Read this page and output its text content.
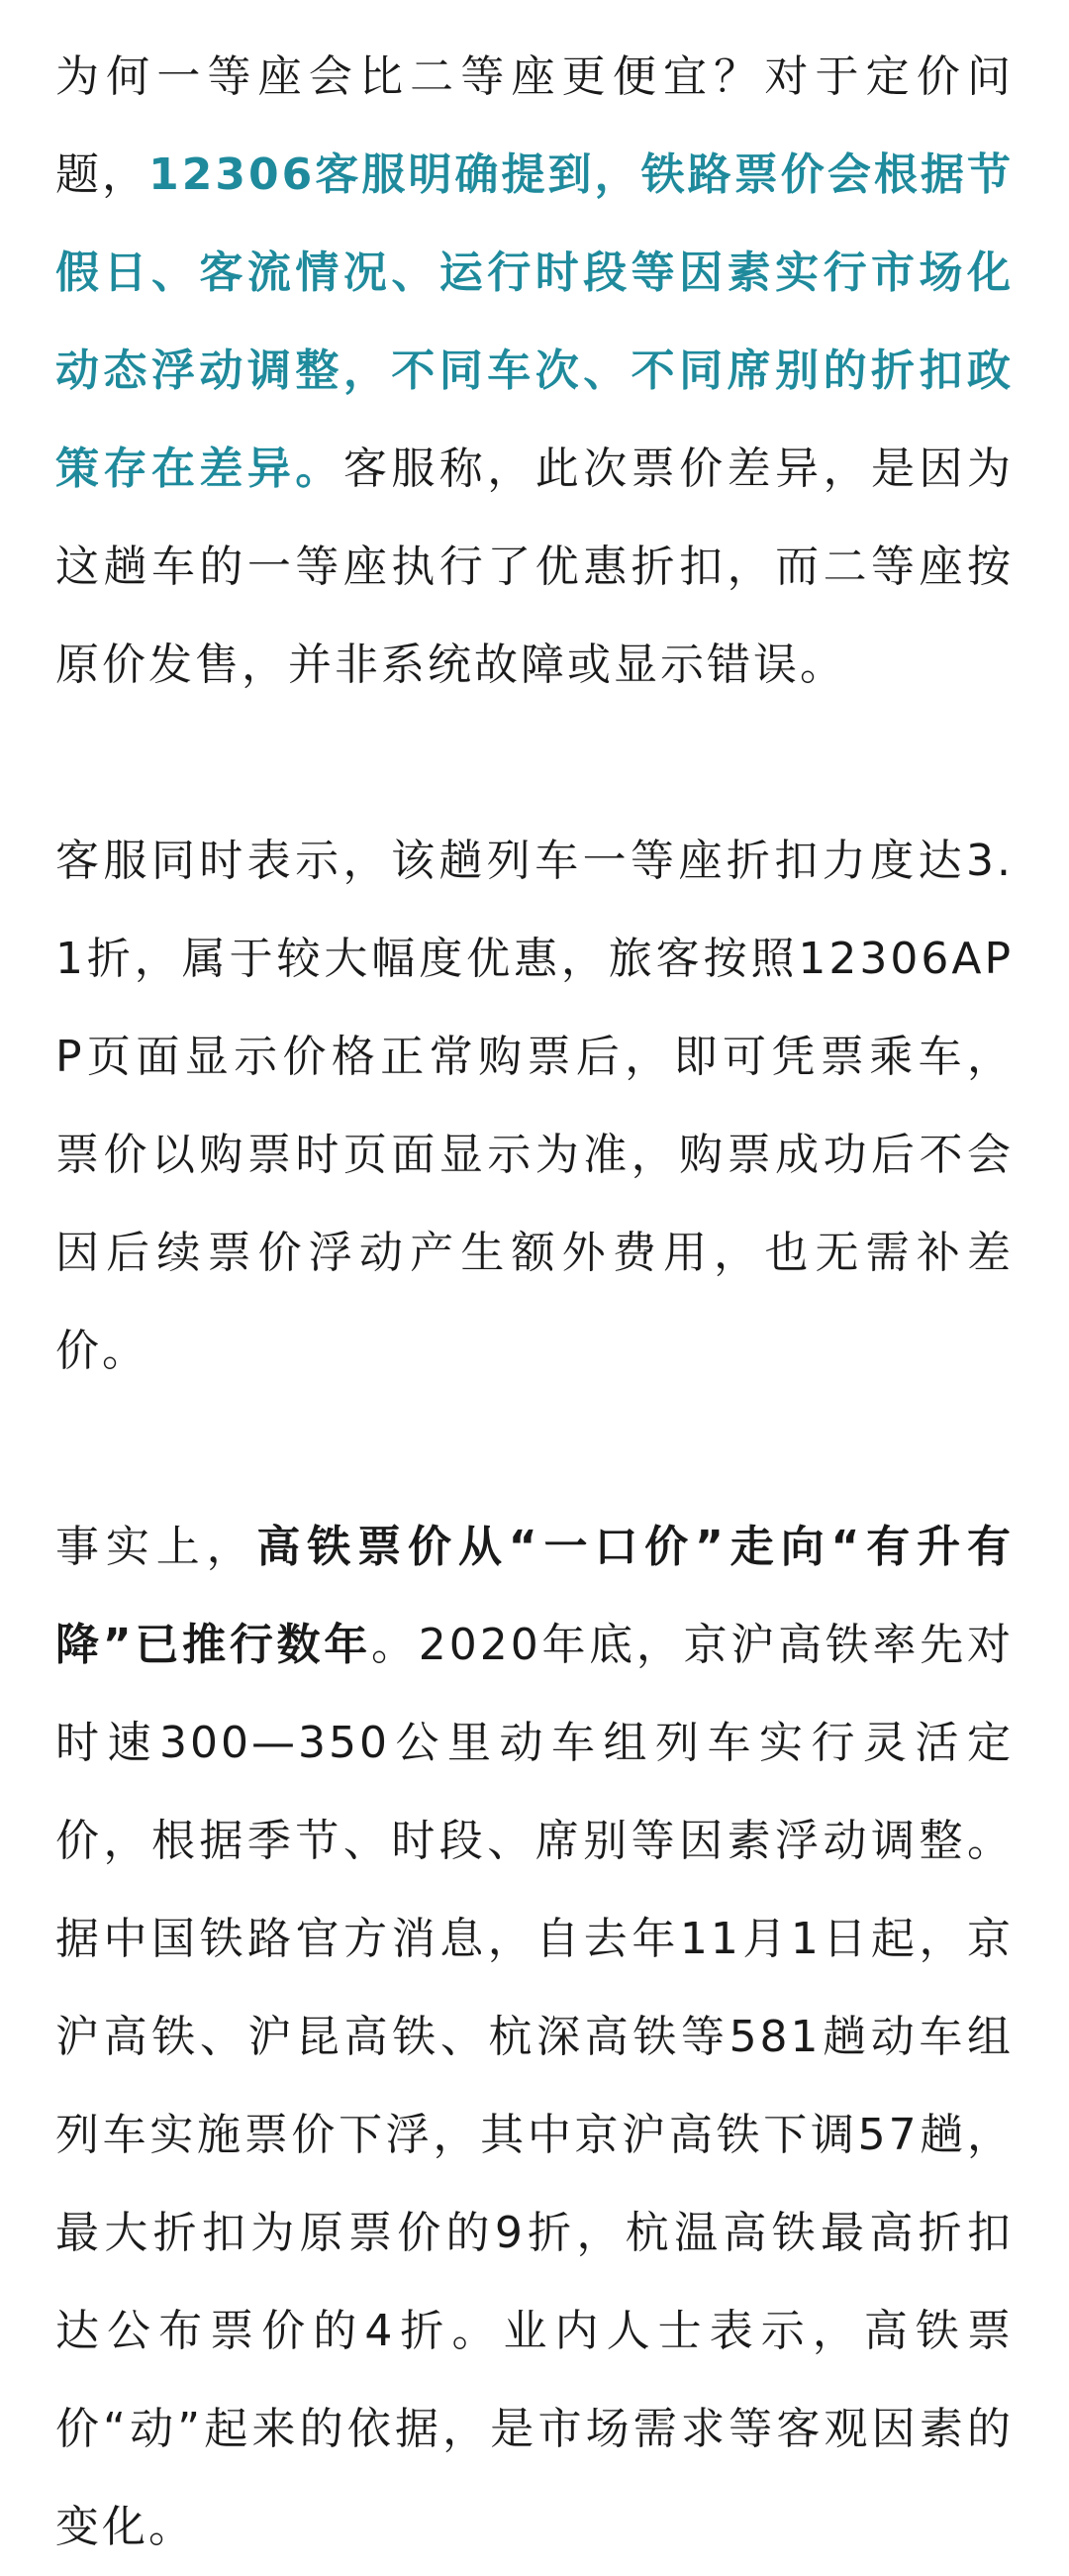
为何一等座会比二等座更便宜？对于定价问题，12306客服明确提到，铁路票价会根据节假日、客流情况、运行时段等因素实行市场化动态浮动调整，不同车次、不同席别的折扣政策存在差异。客服称，此次票价差异，是因为这趟车的一等座执行了优惠折扣，而二等座按原价发售，并非系统故障或显示错误。

客服同时表示，该趟列车一等座折扣力度达3.1折，属于较大幅度优惠，旅客按照12306APP页面显示价格正常购票后，即可凭票乘车，票价以购票时页面显示为准，购票成功后不会因后续票价浮动产生额外费用，也无需补差价。

事实上，高铁票价从“一口价”走向“有升有降”已推行数年。2020年底，京沪高铁率先对时速300—350公里动车组列车实行灵活定价，根据季节、时段、席别等因素浮动调整。据中国铁路官方消息，自去年11月1日起，京沪高铁、沪昆高铁、杭深高铁等581趟动车组列车实施票价下浮，其中京沪高铁下调57趟，最大折扣为原票价的9折，杭温高铁最高折扣达公布票价的4折。业内人士表示，高铁票价“动”起来的依据，是市场需求等客观因素的变化。
